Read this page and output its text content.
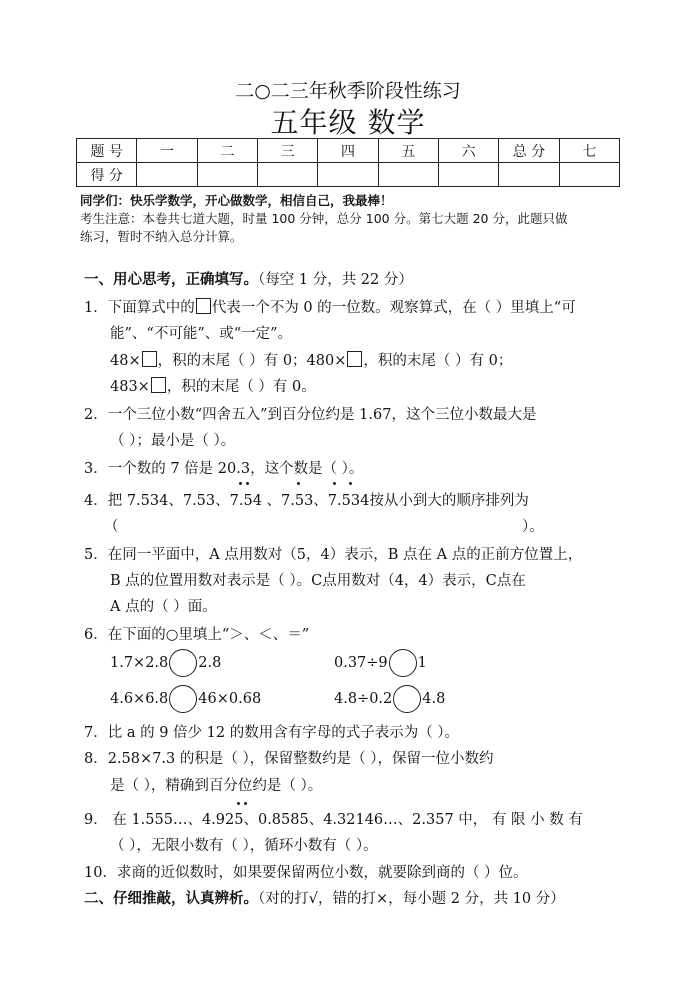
二○二三年秋季阶段性练习
五年级 数学
题 号	一	二	三	四	五	六	总 分	七
得 分								
同学们：快乐学数学，开心做数学，相信自己，我最棒！
考生注意：本卷共七道大题，时量 100 分钟，总分 100 分。第七大题 20 分，此题只做
练习，暂时不纳入总分计算。
一、用心思考，正确填写。（每空 1 分，共 22 分）
1．下面算式中的 代表一个不为 0 的一位数。观察算式，在（ ）里填上“可
能”、“不可能”、或“一定”。
48× ，积的末尾（ ）有 0；480× ，积的末尾（ ）有 0；
483× ，积的末尾（ ）有 0。
2．一个三位小数“四舍五入”到百分位约是 1.67，这个三位小数最大是
（ ）；最小是（ ）。
3．一个数的 7 倍是 20.3，这个数是（ ）。
4．把 7.534、7.53、7.54 、7.53、7.534按从小到大的顺序排列为
（	）。
5．在同一平面中，A 点用数对（5，4）表示，B 点在 A 点的正前方位置上，
B 点的位置用数对表示是（ ）。C点用数对（4，4）表示，C点在
A 点的（ ）面。
6．在下面的○里填上“＞、＜、＝”
1.7×2.8 2.8	0.37÷9 1
4.6×6.8 46×0.68	4.8÷0.2 4.8
7．比 a 的 9 倍少 12 的数用含有字母的式子表示为（ ）。
8．2.58×7.3 的积是（ ），保留整数约是（ ），保留一位小数约
是（ ），精确到百分位约是（ ）。
9． 在 1.555…、4.925、0.8585、4.32146…、2.357 中， 有 限 小 数 有
（ ），无限小数有（ ），循环小数有（ ）。
10．求商的近似数时，如果要保留两位小数，就要除到商的（ ）位。
二、仔细推敲，认真辨析。（对的打√，错的打×，每小题 2 分，共 10 分）
